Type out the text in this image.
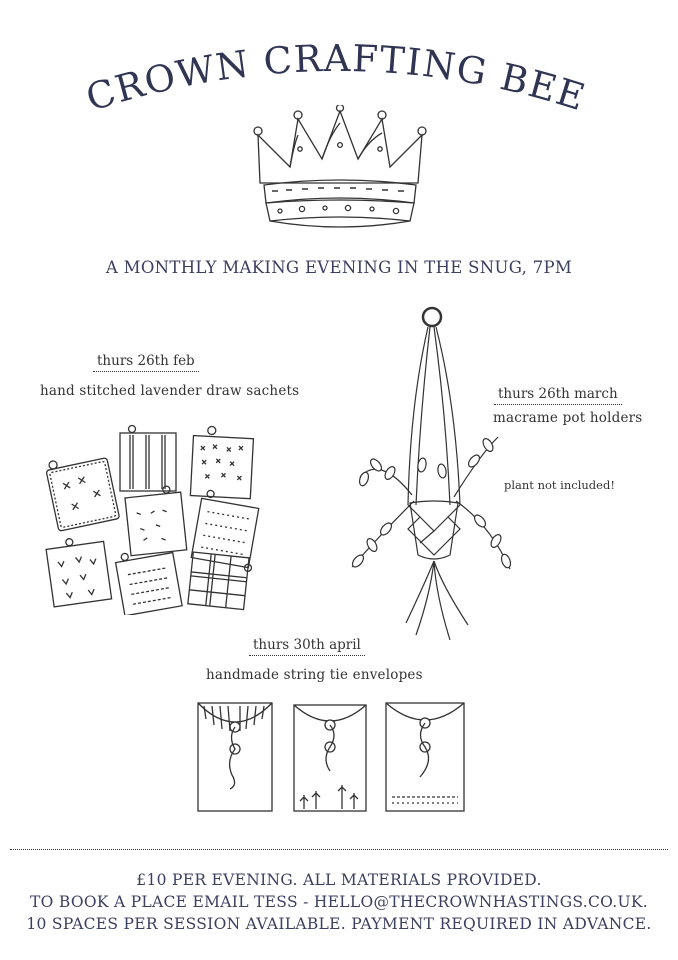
CROWN CRAFTING BEE
A MONTHLY MAKING EVENING IN THE SNUG, 7PM
thurs 26th feb
hand stitched lavender draw sachets	thurs 26th march
macrame pot holders
plant not included!
thurs 30th april
handmade string tie envelopes
£10 PER EVENING. ALL MATERIALS PROVIDED.
TO BOOK A PLACE EMAIL TESS - HELLO@THECROWNHASTINGS.CO.UK.
10 SPACES PER SESSION AVAILABLE. PAYMENT REQUIRED IN ADVANCE.
